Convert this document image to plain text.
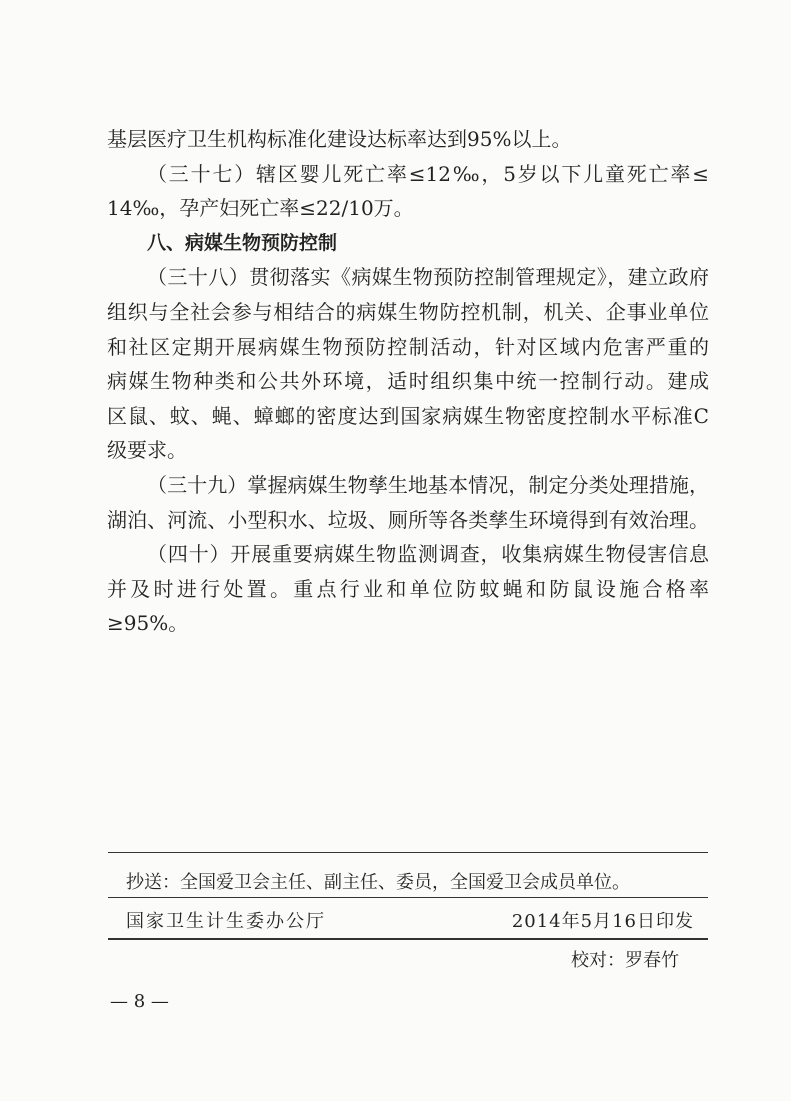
基层医疗卫生机构标准化建设达标率达到95%以上。
（三十七）辖区婴儿死亡率≤12‰，5岁以下儿童死亡率≤
14‰，孕产妇死亡率≤22/10万。
八、病媒生物预防控制
（三十八）贯彻落实《病媒生物预防控制管理规定》，建立政府
组织与全社会参与相结合的病媒生物防控机制，机关、企事业单位
和社区定期开展病媒生物预防控制活动，针对区域内危害严重的
病媒生物种类和公共外环境，适时组织集中统一控制行动。建成
区鼠、蚊、蝇、蟑螂的密度达到国家病媒生物密度控制水平标准C
级要求。
（三十九）掌握病媒生物孳生地基本情况，制定分类处理措施，
湖泊、河流、小型积水、垃圾、厕所等各类孳生环境得到有效治理。
（四十）开展重要病媒生物监测调查，收集病媒生物侵害信息
并及时进行处置。重点行业和单位防蚊蝇和防鼠设施合格率
≥95%。
抄送：全国爱卫会主任、副主任、委员，全国爱卫会成员单位。
国家卫生计生委办公厅	2014年5月16日印发
校对：罗春竹
— 8 —
